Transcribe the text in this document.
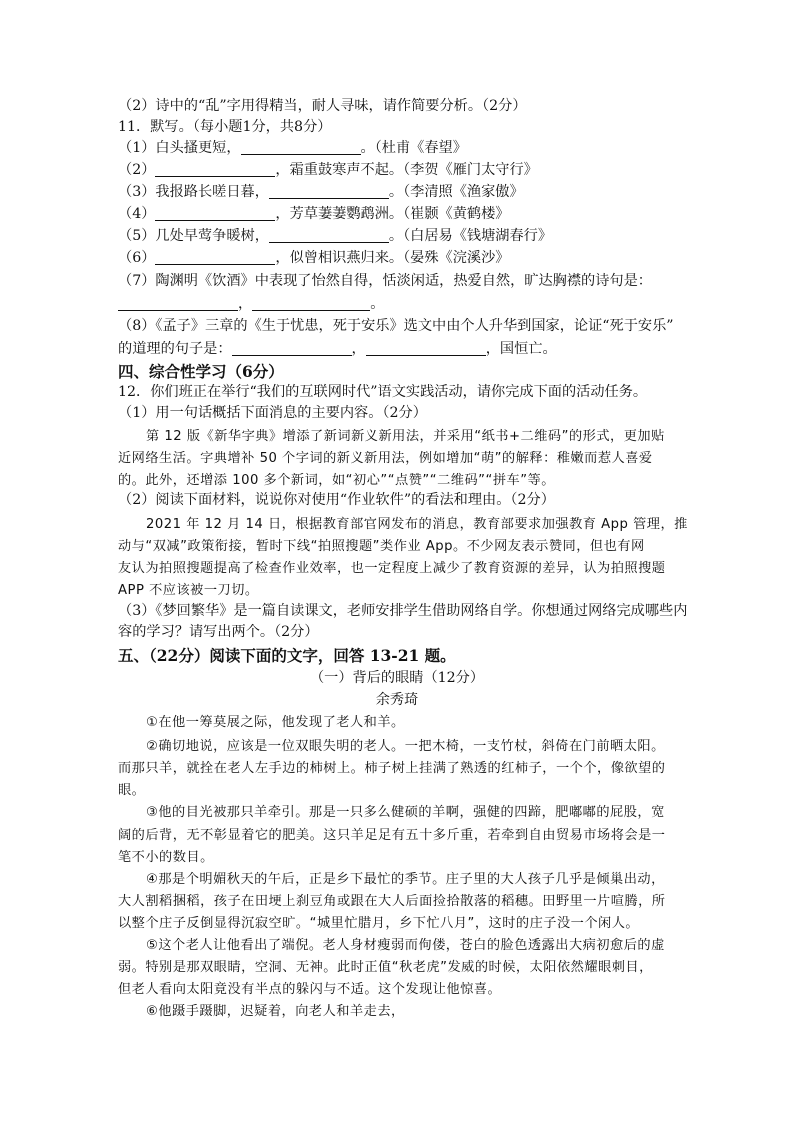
（2）诗中的“乱”字用得精当，耐人寻味，请作简要分析。（2分）
11．默写。（每小题1分，共8分）
（1）白头搔更短，	。（杜甫《春望》
（2）	，霜重鼓寒声不起。（李贺《雁门太守行》
（3）我报路长嗟日暮，	。（李清照《渔家傲》
（4）	，芳草萋萋鹦鹉洲。（崔颢《黄鹤楼》
（5）几处早莺争暖树，	。（白居易《钱塘湖春行》
（6）	，似曾相识燕归来。（晏殊《浣溪沙》
（7）陶渊明《饮酒》中表现了怡然自得，恬淡闲适，热爱自然，旷达胸襟的诗句是：
，	。
（8）《孟子》三章的《生于忧患，死于安乐》选文中由个人升华到国家，论证“死于安乐”
的道理的句子是：	，	，国恒亡。
四、综合性学习（6分）
12．你们班正在举行“我们的互联网时代”语文实践活动，请你完成下面的活动任务。
（1）用一句话概括下面消息的主要内容。（2分）
第 12 版《新华字典》增添了新词新义新用法，并采用“纸书+二维码”的形式，更加贴
近网络生活。字典增补 50 个字词的新义新用法，例如增加“萌”的解释：稚嫩而惹人喜爱
的。此外，还增添 100 多个新词，如“初心”“点赞”“二维码”“拼车”等。
（2）阅读下面材料，说说你对使用“作业软件”的看法和理由。（2分）
2021 年 12 月 14 日，根据教育部官网发布的消息，教育部要求加强教育 App 管理，推
动与“双减”政策衔接，暂时下线“拍照搜题”类作业 App。不少网友表示赞同，但也有网
友认为拍照搜题提高了检查作业效率，也一定程度上减少了教育资源的差异，认为拍照搜题
APP 不应该被一刀切。
（3）《梦回繁华》是一篇自读课文，老师安排学生借助网络自学。你想通过网络完成哪些内
容的学习？请写出两个。（2分）
五、（22分）阅读下面的文字，回答 13-21 题。
（一）背后的眼睛（12分）
余秀琦
①在他一筹莫展之际，他发现了老人和羊。
②确切地说，应该是一位双眼失明的老人。一把木椅，一支竹杖，斜倚在门前晒太阳。
而那只羊，就拴在老人左手边的柿树上。柿子树上挂满了熟透的红柿子，一个个，像欲望的
眼。
③他的目光被那只羊牵引。那是一只多么健硕的羊啊，强健的四蹄，肥嘟嘟的屁股，宽
阔的后背，无不彰显着它的肥美。这只羊足足有五十多斤重，若牵到自由贸易市场将会是一
笔不小的数目。
④那是个明媚秋天的午后，正是乡下最忙的季节。庄子里的大人孩子几乎是倾巢出动，
大人割稻捆稻，孩子在田埂上刹豆角或跟在大人后面捡拾散落的稻穗。田野里一片喧腾，所
以整个庄子反倒显得沉寂空旷。“城里忙腊月，乡下忙八月”，这时的庄子没一个闲人。
⑤这个老人让他看出了端倪。老人身材瘦弱而佝偻，苍白的脸色透露出大病初愈后的虚
弱。特别是那双眼睛，空洞、无神。此时正值“秋老虎”发威的时候，太阳依然耀眼刺目，
但老人看向太阳竟没有半点的躲闪与不适。这个发现让他惊喜。
⑥他蹑手蹑脚，迟疑着，向老人和羊走去，
